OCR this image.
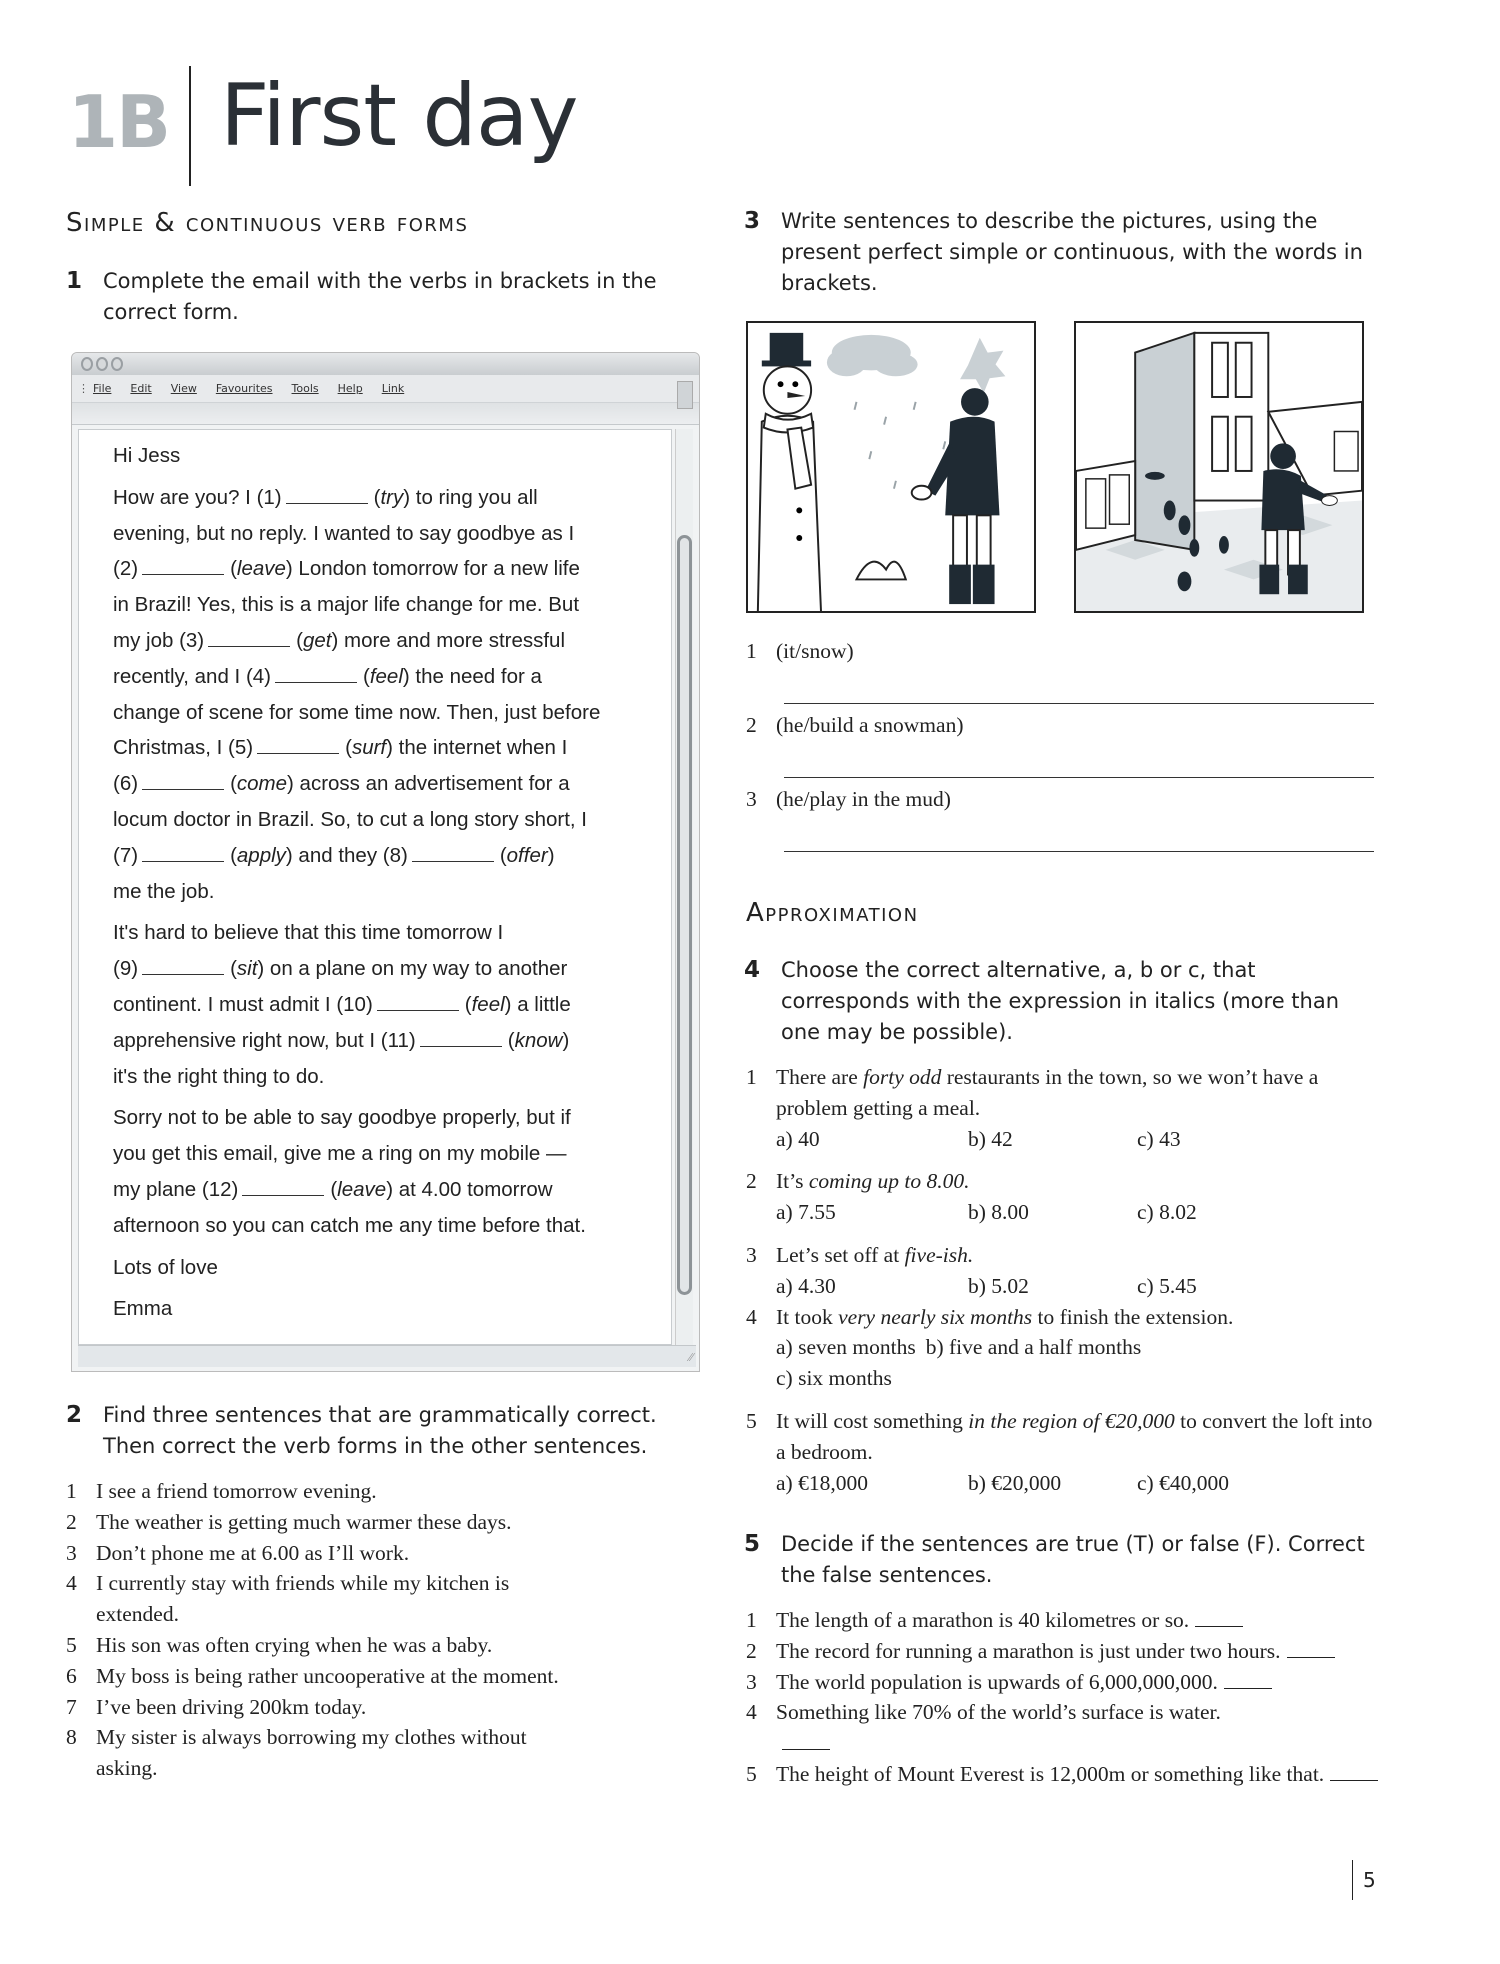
1B First day
Simple & continuous verb forms
1 Complete the email with the verbs in brackets in the correct form.
⋮ File Edit View Favourites Tools Help Link
Hi Jess
How are you? I (1)	(try) to ring you all
evening, but no reply. I wanted to say goodbye as I
(2)	(leave) London tomorrow for a new life
in Brazil! Yes, this is a major life change for me. But
my job (3)	(get) more and more stressful
recently, and I (4)	(feel) the need for a
change of scene for some time now. Then, just before
Christmas, I (5)	(surf) the internet when I
(6)	(come) across an advertisement for a
locum doctor in Brazil. So, to cut a long story short, I
(7)	(apply) and they (8)	(offer)
me the job.
It's hard to believe that this time tomorrow I
(9)	(sit) on a plane on my way to another
continent. I must admit I (10)	(feel) a little
apprehensive right now, but I (11)	(know)
it's the right thing to do.
Sorry not to be able to say goodbye properly, but if
you get this email, give me a ring on my mobile —
my plane (12)	(leave) at 4.00 tomorrow
afternoon so you can catch me any time before that.
Lots of love
Emma
∕∕
2 Find three sentences that are grammatically correct. Then correct the verb forms in the other sentences.
1 I see a friend tomorrow evening.
2 The weather is getting much warmer these days.
3 Don’t phone me at 6.00 as I’ll work.
4 I currently stay with friends while my kitchen is extended.
5 His son was often crying when he was a baby.
6 My boss is being rather uncooperative at the moment.
7 I’ve been driving 200km today.
8 My sister is always borrowing my clothes without asking.
3 Write sentences to describe the pictures, using the present perfect simple or continuous, with the words in brackets.
1 (it/snow)
2 (he/build a snowman)
3 (he/play in the mud)
Approximation
4 Choose the correct alternative, a, b or c, that corresponds with the expression in italics (more than one may be possible).
1 There are forty odd restaurants in the town, so we won’t have a problem getting a meal.
a) 40	b) 42	c) 43
2 It’s coming up to 8.00.
a) 7.55	b) 8.00	c) 8.02
3 Let’s set off at five-ish.
a) 4.30	b) 5.02	c) 5.45
4 It took very nearly six months to finish the extension.
a) seven months b) five and a half months
c) six months
5 It will cost something in the region of €20,000 to convert the loft into a bedroom.
a) €18,000	b) €20,000	c) €40,000
5 Decide if the sentences are true (T) or false (F). Correct the false sentences.
1 The length of a marathon is 40 kilometres or so.
2 The record for running a marathon is just under two hours.
3 The world population is upwards of 6,000,000,000.
4 Something like 70% of the world’s surface is water.
5 The height of Mount Everest is 12,000m or something like that.
5
